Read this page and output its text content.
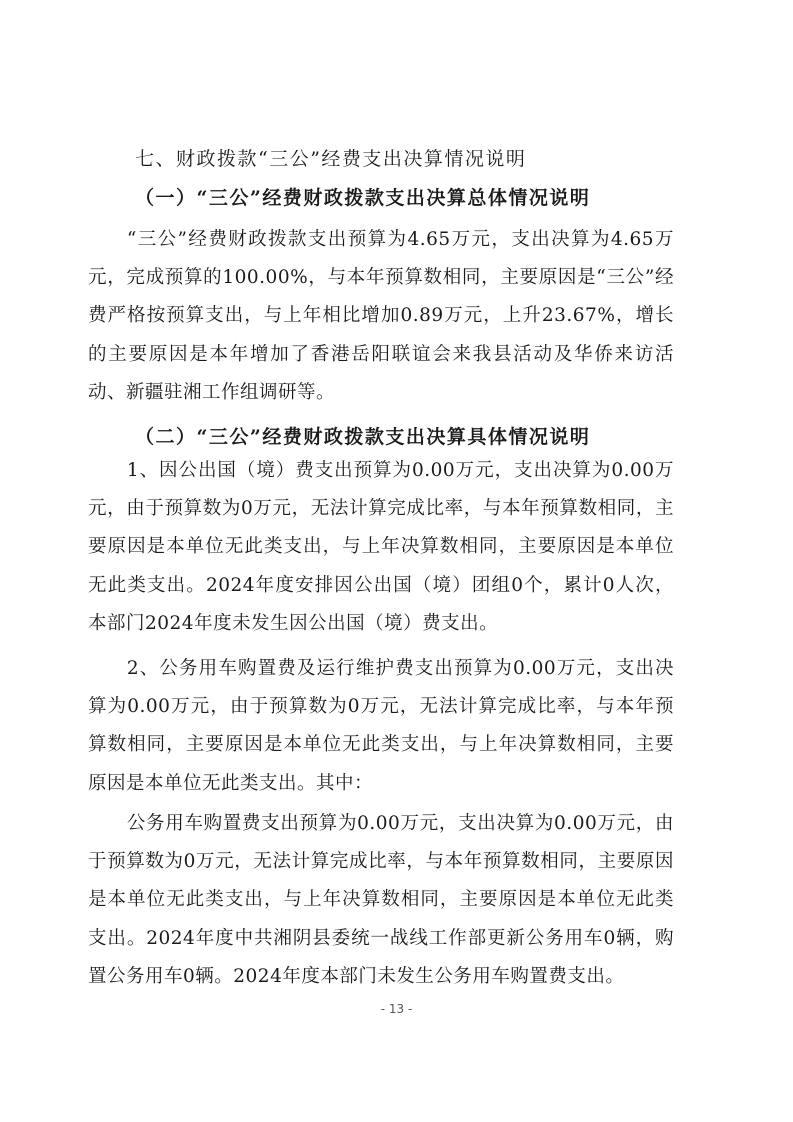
七、财政拨款“三公”经费支出决算情况说明
（一）“三公”经费财政拨款支出决算总体情况说明

“三公”经费财政拨款支出预算为4.65万元，支出决算为4.65万元，完成预算的100.00%，与本年预算数相同，主要原因是“三公”经费严格按预算支出，与上年相比增加0.89万元，上升23.67%，增长的主要原因是本年增加了香港岳阳联谊会来我县活动及华侨来访活动、新疆驻湘工作组调研等。

（二）“三公”经费财政拨款支出决算具体情况说明

1、因公出国（境）费支出预算为0.00万元，支出决算为0.00万元，由于预算数为0万元，无法计算完成比率，与本年预算数相同，主要原因是本单位无此类支出，与上年决算数相同，主要原因是本单位无此类支出。2024年度安排因公出国（境）团组0个，累计0人次，本部门2024年度未发生因公出国（境）费支出。

2、公务用车购置费及运行维护费支出预算为0.00万元，支出决算为0.00万元，由于预算数为0万元，无法计算完成比率，与本年预算数相同，主要原因是本单位无此类支出，与上年决算数相同，主要原因是本单位无此类支出。其中：

公务用车购置费支出预算为0.00万元，支出决算为0.00万元，由于预算数为0万元，无法计算完成比率，与本年预算数相同，主要原因是本单位无此类支出，与上年决算数相同，主要原因是本单位无此类支出。2024年度中共湘阴县委统一战线工作部更新公务用车0辆，购置公务用车0辆。2024年度本部门未发生公务用车购置费支出。

- 13 -
